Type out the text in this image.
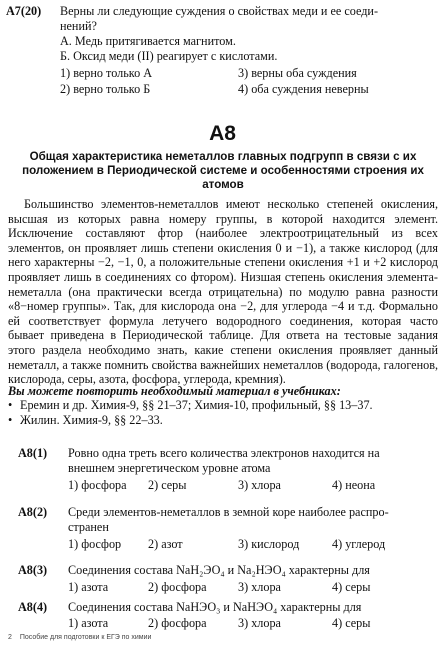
A7(20) Верны ли следующие суждения о свойствах меди и ее соеди-
нений?
А. Медь притягивается магнитом.
Б. Оксид меди (II) реагирует с кислотами.
1) верно только А	3) верны оба суждения
2) верно только Б	4) оба суждения неверны
А8
Общая характеристика неметаллов главных подгрупп в связи с их положением в Периодической системе и особенностями строения их атомов

Большинство элементов-неметаллов имеют несколько степеней окисления, высшая из которых равна номеру группы, в которой находится элемент. Исключение составляют фтор (наиболее электроотрицательный из всех элементов, он проявляет лишь степени окисления 0 и −1), а также кислород (для него характерны −2, −1, 0, а положительные степени окисления +1 и +2 кислород проявляет лишь в соединениях со фтором). Низшая степень окисления элемента-неметалла (она практически всегда отрицательна) по модулю равна разности «8−номер группы». Так, для кислорода она −2, для углерода −4 и т.д. Формально ей соответствует формула летучего водородного соединения, которая часто бывает приведена в Периодической таблице. Для ответа на тестовые задания этого раздела необходимо знать, какие степени окисления проявляет данный неметалл, а также помнить свойства важнейших неметаллов (водорода, галогенов, кислорода, серы, азота, фосфора, углерода, кремния).

Вы можете повторить необходимый материал в учебниках:
• Еремин и др. Химия-9, §§ 21–37; Химия-10, профильный, §§ 13–37.
• Жилин. Химия-9, §§ 22–33.
А8(1) Ровно одна треть всего количества электронов находится на
внешнем энергетическом уровне атома
1) фосфора 2) серы	3) хлора	4) неона
А8(2) Среди элементов-неметаллов в земной коре наиболее распро-
странен
1) фосфор 2) азот	3) кислород	4) углерод
А8(3) Соединения состава NaH₂ЭО₄ и Na₂HЭО₄ характерны для
1) азота	2) фосфора	3) хлора	4) серы
А8(4) Соединения состава NaHЭО₃ и NaHЭО₄ характерны для
1) азота	2) фосфора	3) хлора	4) серы
2 Пособие для подготовки к ЕГЭ по химии
